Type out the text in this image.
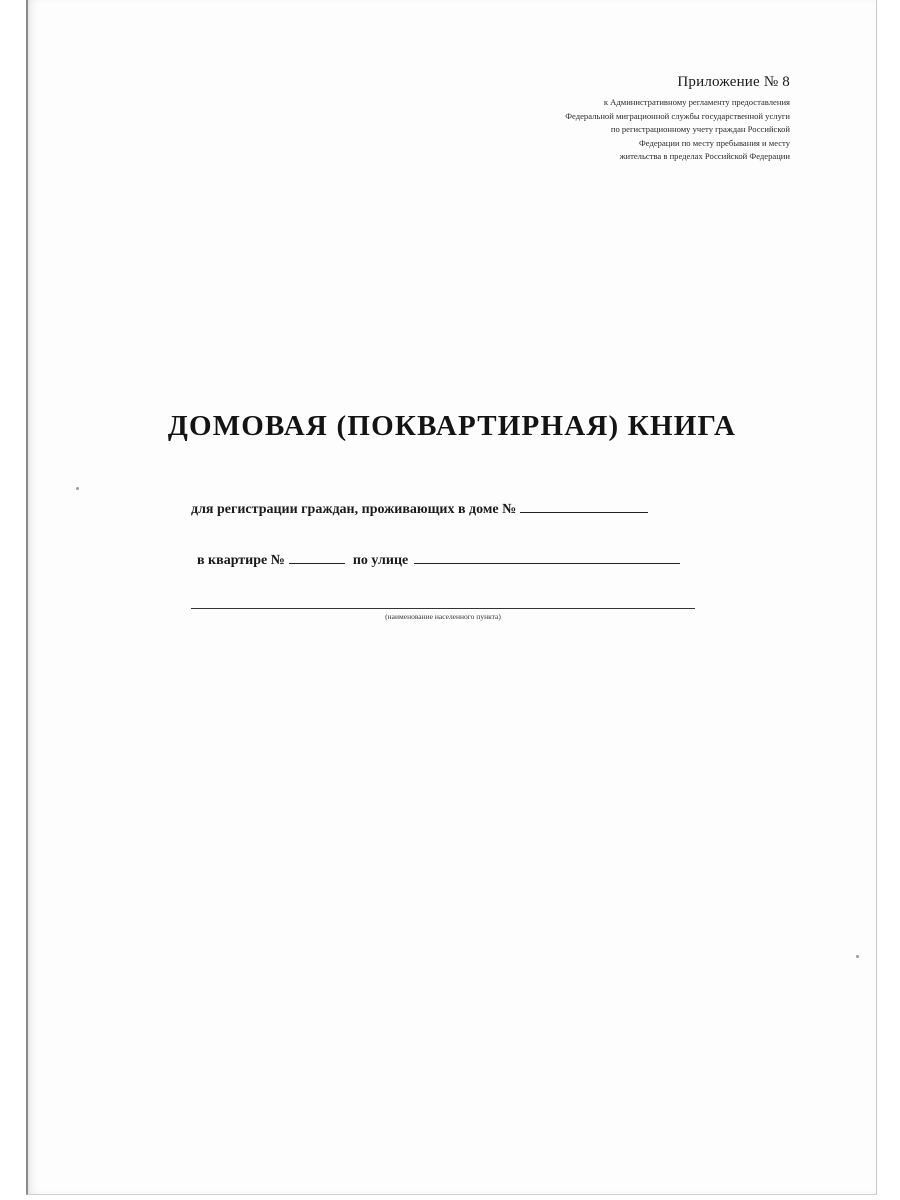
Приложение № 8
к Административному регламенту предоставления
Федеральной миграционной службы государственной услуги
по регистрационному учету граждан Российской
Федерации по месту пребывания и месту
жительства в пределах Российской Федерации
ДОМОВАЯ (ПОКВАРТИРНАЯ) КНИГА
для регистрации граждан, проживающих в доме №
в квартире №	по улице
(наименование населенного пункта)
